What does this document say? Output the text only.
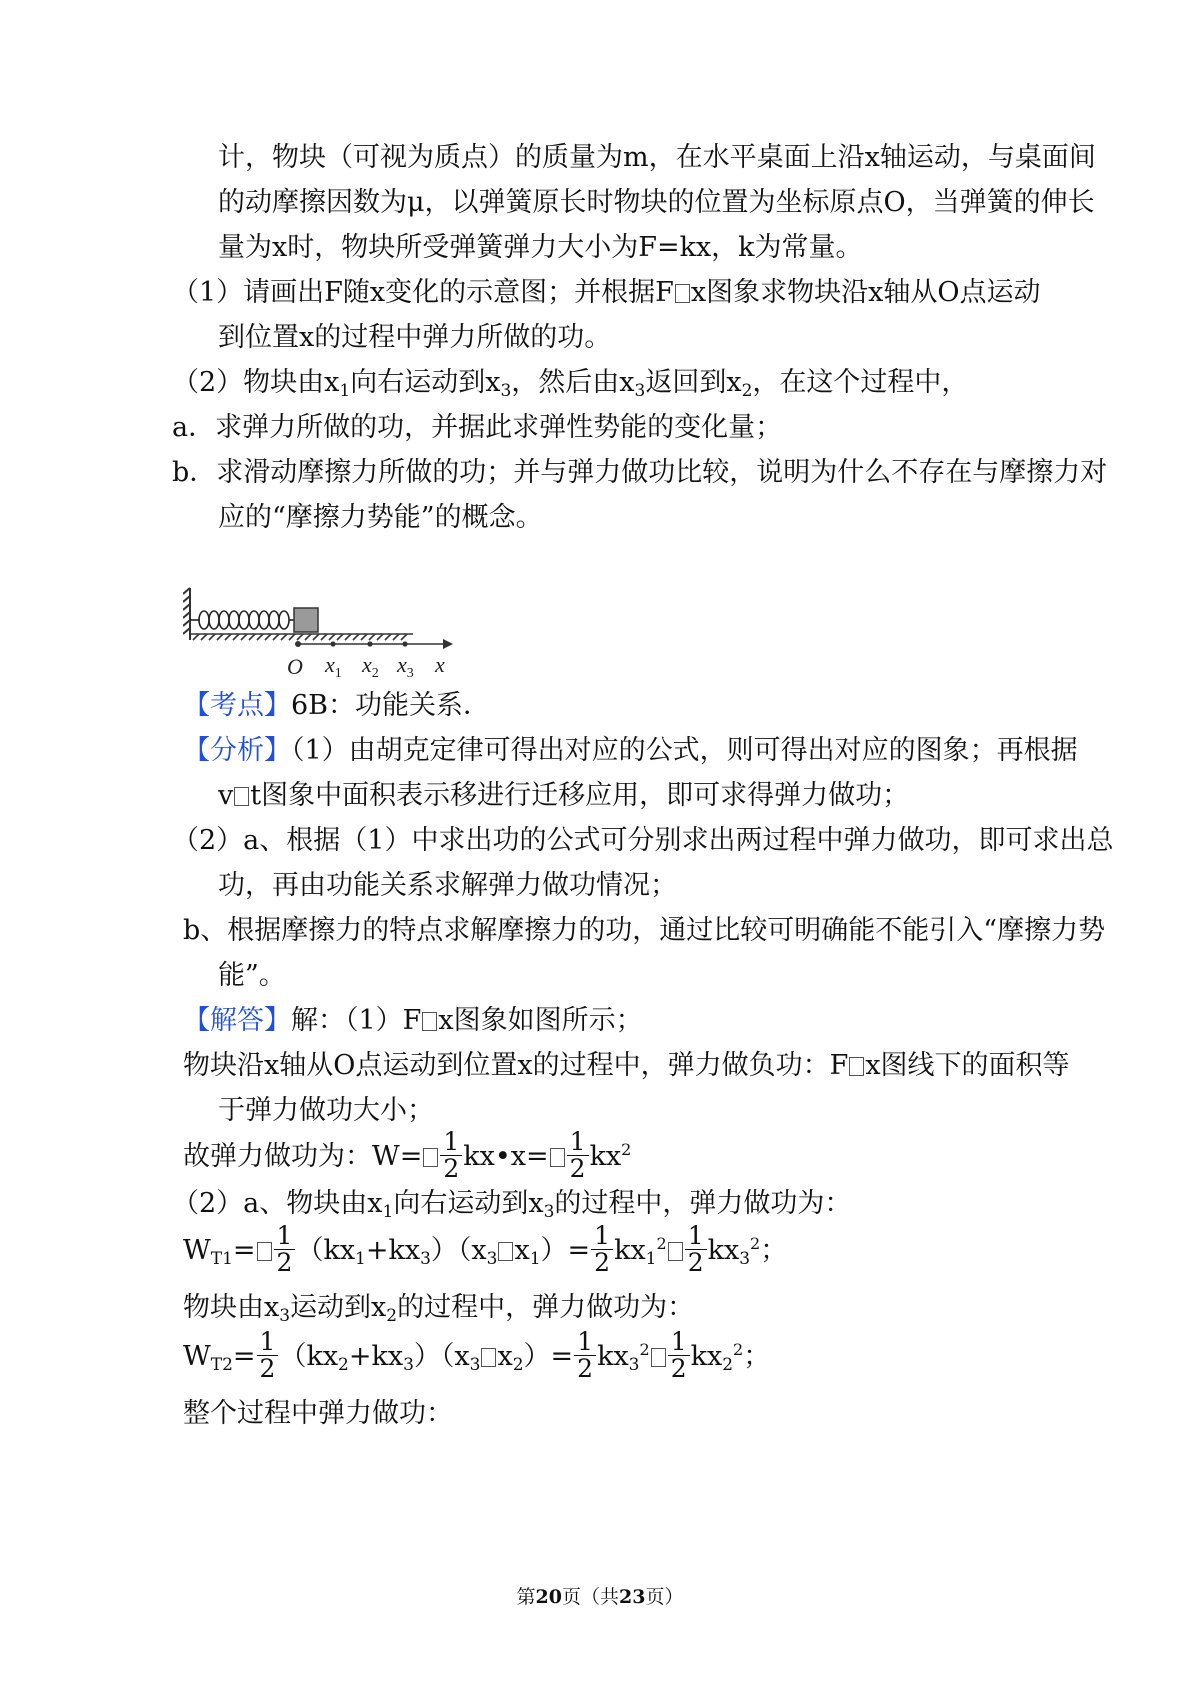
计，物块（可视为质点）的质量为m，在水平桌面上沿x轴运动，与桌面间
的动摩擦因数为μ，以弹簧原长时物块的位置为坐标原点O，当弹簧的伸长
量为x时，物块所受弹簧弹力大小为F=kx，k为常量。
（1）请画出F随x变化的示意图；并根据F x图象求物块沿x轴从O点运动
到位置x的过程中弹力所做的功。
（2）物块由$x_1$向右运动到$x_3$，然后由$x_3$返回到$x_2$，在这个过程中，
a．求弹力所做的功，并据此求弹性势能的变化量；
b．求滑动摩擦力所做的功；并与弹力做功比较，说明为什么不存在与摩擦力对
应的“摩擦力势能”的概念。
O $x_1$ $x_2$ $x_3$ x
【考点】6B：功能关系．
【分析】（1）由胡克定律可得出对应的公式，则可得出对应的图象；再根据
v t图象中面积表示移进行迁移应用，即可求得弹力做功；
（2）a、根据（1）中求出功的公式可分别求出两过程中弹力做功，即可求出总
功，再由功能关系求解弹力做功情况；
b、根据摩擦力的特点求解摩擦力的功，通过比较可明确能不能引入“摩擦力势
能”。
【解答】解：（1）F x图象如图所示；
物块沿x轴从O点运动到位置x的过程中，弹力做负功：F x图线下的面积等
于弹力做功大小；
故弹力做功为：$W= \frac{1}{2}$ kx•x= $\frac{1}{2} kx^2$
（2）a、物块由$x_1$向右运动到$x_3$的过程中，弹力做功为：
$W_{T1}= \frac{1}{2} (kx_1+kx_3)(x_3$ $x_1)= \frac{1}{2} kx_1^2 \frac{1}{2} kx_3^2$；
物块由$x_3$运动到$x_2$的过程中，弹力做功为：
$W_{T2}= \frac{1}{2} (kx_2+kx_3)(x_3$ $x_2)= \frac{1}{2} kx_3^2 \frac{1}{2} kx_2^2$；
整个过程中弹力做功：
第20页（共23页）
